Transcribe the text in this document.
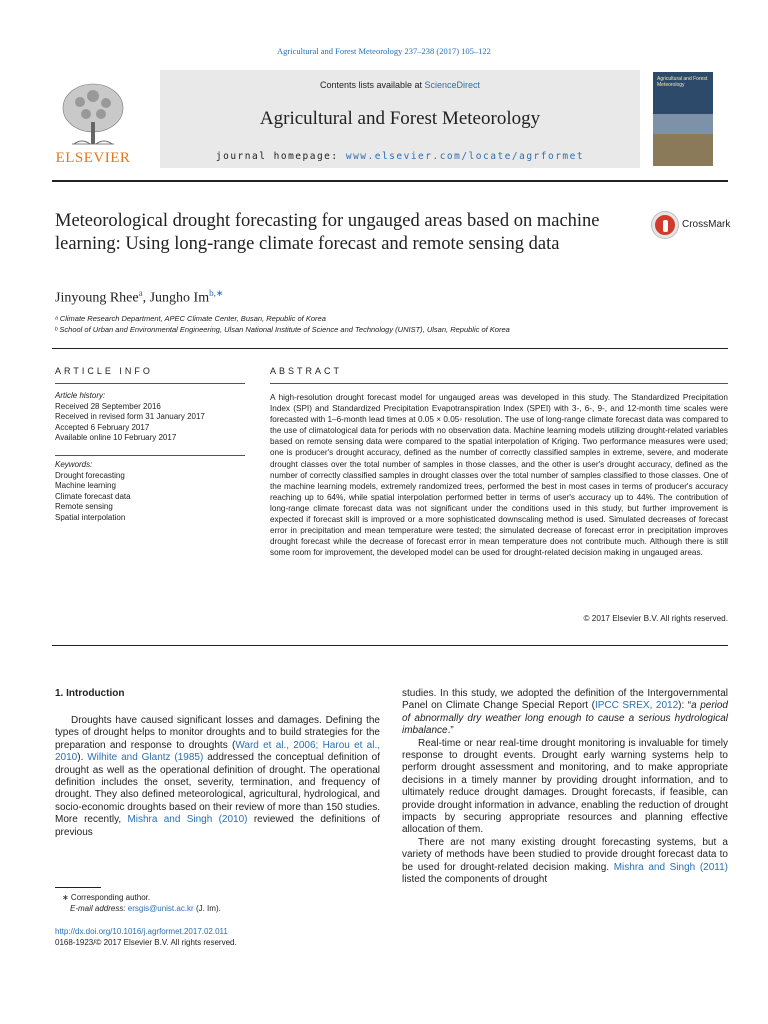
Agricultural and Forest Meteorology 237–238 (2017) 105–122
Contents lists available at ScienceDirect
Agricultural and Forest Meteorology
journal homepage: www.elsevier.com/locate/agrformet
ELSEVIER
Agricultural and Forest Meteorology
Meteorological drought forecasting for ungauged areas based on machine learning: Using long-range climate forecast and remote sensing data
CrossMark
Jinyoung Rhee$^a$, Jungho $Im^{b,∗}$
ᵃ Climate Research Department, APEC Climate Center, Busan, Republic of Korea
ᵇ School of Urban and Environmental Engineering, Ulsan National Institute of Science and Technology (UNIST), Ulsan, Republic of Korea
ARTICLE INFO
Article history:
Received 28 September 2016
Received in revised form 31 January 2017
Accepted 6 February 2017
Available online 10 February 2017
Keywords:
Drought forecasting
Machine learning
Climate forecast data
Remote sensing
Spatial interpolation
ABSTRACT
A high-resolution drought forecast model for ungauged areas was developed in this study. The Standardized Precipitation Index (SPI) and Standardized Precipitation Evapotranspiration Index (SPEI) with 3-, 6-, 9-, and 12-month time scales were forecasted with 1–6-month lead times at 0.05 × 0.05◦ resolution. The use of long-range climate forecast data was compared to the use of climatological data for periods with no observation data. Machine learning models utilizing drought-related variables based on remote sensing data were compared to the spatial interpolation of Kriging. Two performance measures were used; one is producer's drought accuracy, defined as the number of correctly classified samples in extreme, severe, and moderate drought classes over the total number of samples in those classes, and the other is user's drought accuracy, defined as the number of correctly classified samples in drought classes over the total number of samples classified to those classes. One of the machine learning models, extremely randomized trees, performed the best in most cases in terms of producer's accuracy reaching up to 64%, while spatial interpolation performed better in terms of user's accuracy up to 44%. The contribution of long-range climate forecast data was not significant under the conditions used in this study, but further improvement is expected if forecast skill is improved or a more sophisticated downscaling method is used. Simulated decreases of forecast error in precipitation and mean temperature were tested; the simulated decrease of forecast error in precipitation improves drought forecast while the decrease of forecast error in mean temperature does not contribute much. Although there is still some room for improvement, the developed model can be used for drought-related decision making in ungauged areas.
© 2017 Elsevier B.V. All rights reserved.
1. Introduction

Droughts have caused significant losses and damages. Defining the types of drought helps to monitor droughts and to build strategies for the preparation and response to droughts (Ward et al., 2006; Harou et al., 2010). Wilhite and Glantz (1985) addressed the conceptual definition of drought as well as the operational definition of drought. The operational definition includes the onset, severity, termination, and frequency of drought. They also defined meteorological, agricultural, hydrological, and socio-economic droughts based on their review of more than 150 studies. More recently, Mishra and Singh (2010) reviewed the definitions of previous

studies. In this study, we adopted the definition of the Intergovernmental Panel on Climate Change Special Report (IPCC SREX, 2012): “a period of abnormally dry weather long enough to cause a serious hydrological imbalance.”

Real-time or near real-time drought monitoring is invaluable for timely response to drought events. Drought early warning systems help to perform drought assessment and monitoring, and to make appropriate decisions in a timely manner by providing drought information, and to ultimately reduce drought damages. Drought forecasts, if feasible, can provide drought information in advance, enabling the reduction of drought impacts by securing appropriate resources and planning effective allocation of them.

There are not many existing drought forecasting systems, but a variety of methods have been studied to provide drought forecast data to be used for drought-related decision making. Mishra and Singh (2011) listed the components of drought

∗ Corresponding author.
E-mail address: ersgis@unist.ac.kr (J. Im).
http://dx.doi.org/10.1016/j.agrformet.2017.02.011
0168-1923/© 2017 Elsevier B.V. All rights reserved.
